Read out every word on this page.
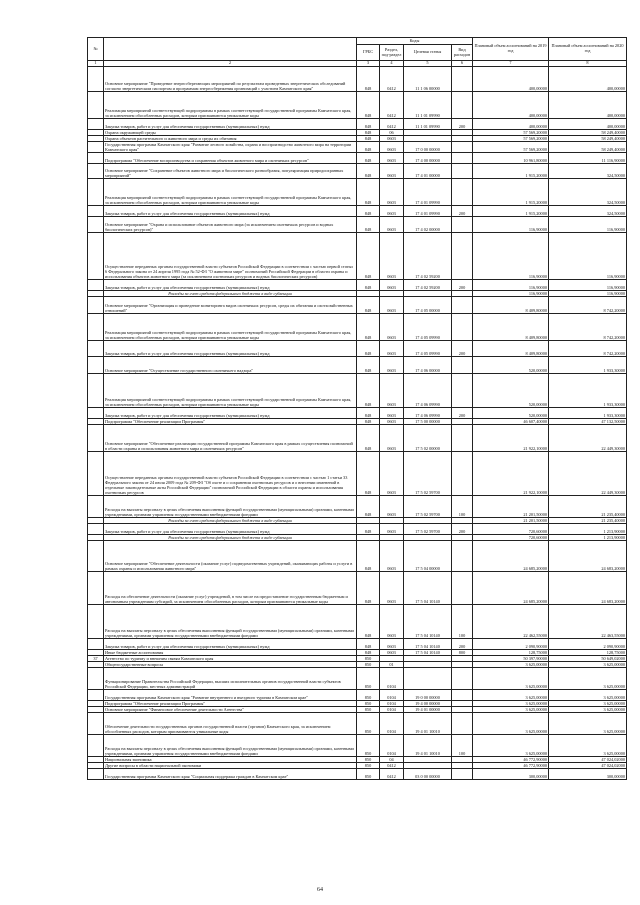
№		Коды				Плановый объем ассигнований на 2019 год	Плановый объем ассигнований на 2020 год
		ГРБС	Раздел, под-раздел	Целевая статья	Вид расходов		
1	2	3	4	5	6	7	8
	Основное мероприятие "Проведение энергосберегающих мероприятий по результатам проведенных энергетических обследований согласно энергетическим паспортам и программам энергосбережения организаций с участием Камчатского края"	848	0412	11 1 06 00000		400,00000	400,00000
	Реализация мероприятий соответствующей подпрограммы в рамках соответствующей государственной программы Камчатского края, за исключением обособленных расходов, которым присваиваются уникальные коды	848	0412	11 1 01 09990		400,00000	400,00000
	Закупка товаров, работ и услуг для обеспечения государственных (муниципальных) нужд	848	0412	11 1 01 09990	200	400,00000	400,00000
	Охрана окружающей среды	848	06			57 569,20000	58 249,40000
	Охрана объектов растительного и животного мира и среды их обитания	848	0603			57 569,20000	58 249,40000
	Государственная программа Камчатского края "Развитие лесного хозяйства, охрана и воспроизводство животного мира на территории Камчатского края"	848	0603	17 0 00 00000		57 569,20000	58 249,40000
	Подпрограмма "Обеспечение воспроизводства и сохранения объектов животного мира и охотничьих ресурсов"	848	0603	17 4 00 00000		10 961,80000	11 116,90000
	Основное мероприятие "Сохранение объектов животного мира и биологического разнообразия, популяризация природоохранных мероприятий"	848	0603	17 4 01 00000		1 915,20000	324,50000
	Реализация мероприятий соответствующей подпрограммы в рамках соответствующей государственной программы Камчатского края, за исключением обособленных расходов, которым присваиваются уникальные коды	848	0603	17 4 01 09990		1 915,20000	324,50000
	Закупка товаров, работ и услуг для обеспечения государственных (муниципальных) нужд	848	0603	17 4 01 09990	200	1 915,20000	324,50000
	Основное мероприятие "Охрана и использование объектов животного мира (за исключением охотничьих ресурсов и водных биологических ресурсов)"	848	0603	17 4 02 00000		116,90000	116,90000
	Осуществление переданных органам государственной власти субъектов Российской Федерации в соответствии с частью первой статьи 6 Федерального закона от 24 апреля 1995 года № 52-ФЗ "О животном мире" полномочий Российской Федерации в области охраны и использования объектов животного мира (за исключением охотничьих ресурсов и водных биологических ресурсов)	848	0603	17 4 02 59200		116,90000	116,90000
	Закупка товаров, работ и услуг для обеспечения государственных (муниципальных) нужд	848	0603	17 4 02 59200	200	116,90000	116,90000
	Расходы за счет средств федерального бюджета в виде субвенции					116,90000	116,90000
	Основное мероприятие "Организация и проведение мониторинга видов охотничьих ресурсов, среды их обитания и охотхозяйственных отношений"	848	0603	17 4 05 00000		8 409,80000	8 742,20000
	Реализация мероприятий соответствующей подпрограммы в рамках соответствующей государственной программы Камчатского края, за исключением обособленных расходов, которым присваиваются уникальные коды	848	0603	17 4 05 09990		8 409,80000	8 742,20000
	Закупка товаров, работ и услуг для обеспечения государственных (муниципальных) нужд	848	0603	17 4 05 09990	200	8 409,80000	8 742,20000
	Основное мероприятие "Осуществление государственного охотничьего надзора"	848	0603	17 4 06 00000		520,00000	1 933,30000
	Реализация мероприятий соответствующей подпрограммы в рамках соответствующей государственной программы Камчатского края, за исключением обособленных расходов, которым присваиваются уникальные коды	848	0603	17 4 06 09990		520,00000	1 933,30000
	Закупка товаров, работ и услуг для обеспечения государственных (муниципальных) нужд	848	0603	17 4 06 09990	200	520,00000	1 933,30000
	Подпрограмма "Обеспечение реализации Программы"	848	0603	17 5 00 00000		46 607,40000	47 132,50000
	Основное мероприятие "Обеспечение реализации государственной программы Камчатского края в рамках осуществления полномочий в области охраны и использования животного мира и охотничьих ресурсов"	848	0603	17 5 02 00000		21 922,10000	22 449,30000
	Осуществление переданных органам государственной власти субъектов Российской Федерации в соответствии с частью 1 статьи 33 Федерального закона от 24 июля 2009 года № 209-ФЗ "Об охоте и о сохранении охотничьих ресурсов и о внесении изменений в отдельные законодательные акты Российской Федерации" полномочий Российской Федерации в области охраны и использования охотничьих ресурсов	848	0603	17 5 02 59700		21 922,10000	22 449,30000
	Расходы на выплаты персоналу в целях обеспечения выполнения функций государственными (муниципальными) органами, казенными учреждениями, органами управления государственными внебюджетными фондами	848	0603	17 5 02 59700	100	21 201,50000	21 235,40000
	Расходы за счет средств федерального бюджета в виде субвенции					21 201,50000	21 235,40000
	Закупка товаров, работ и услуг для обеспечения государственных (муниципальных) нужд	848	0603	17 5 02 59700	200	720,60000	1 213,90000
	Расходы за счет средств федерального бюджета в виде субвенции					720,60000	1 213,90000
	Основное мероприятие "Обеспечение деятельности (оказание услуг) подведомственных учреждений, оказывающих работы и услуги в рамках охраны и использования животного мира"	848	0603	17 5 04 00000		24 685,20000	24 683,20000
	Расходы на обеспечение деятельности (оказание услуг) учреждений, в том числе на предоставление государственным бюджетным и автономным учреждениям субсидий, за исключением обособленных расходов, которым присваиваются уникальные коды	848	0603	17 5 04 10140		24 685,20000	24 683,20000
	Расходы на выплаты персоналу в целях обеспечения выполнения функций государственными (муниципальными) органами, казенными учреждениями, органами управления государственными внебюджетными фондами	848	0603	17 5 04 10140	100	22 462,55000	22 463,55000
	Закупка товаров, работ и услуг для обеспечения государственных (муниципальных) нужд	848	0603	17 5 04 10140	200	2 090,90000	2 090,90000
	Иные бюджетные ассигнования	848	0603	17 5 04 10140	800	128,75000	128,75000
37	Агентство по туризму и внешним связям Камчатского края	850				50 397,90000	50 649,02000
	Общегосударственные вопросы	850	01			3 625,00000	3 625,00000
	Функционирование Правительства Российской Федерации, высших исполнительных органов государственной власти субъектов Российской Федерации, местных администраций	850	0104			3 625,00000	3 625,00000
	Государственная программа Камчатского края "Развитие внутреннего и въездного туризма в Камчатском крае"	850	0104	19 0 00 00000		3 625,00000	3 625,00000
	Подпрограмма "Обеспечение реализации Программы"	850	0104	19 4 00 00000		3 625,00000	3 625,00000
	Основное мероприятие "Финансовое обеспечение деятельности Агентства"	850	0104	19 4 01 00000		3 625,00000	3 625,00000
	Обеспечение деятельности государственных органов государственной власти (органов) Камчатского края, за исключением обособленных расходов, которым присваиваются уникальные коды	850	0104	19 4 01 10010		3 625,00000	3 625,00000
	Расходы на выплаты персоналу в целях обеспечения выполнения функций государственными (муниципальными) органами, казенными учреждениями, органами управления государственными внебюджетными фондами	850	0104	19 4 01 10010	100	3 625,00000	3 625,00000
	Национальная экономика	850	04			46 772,90000	47 024,02000
	Другие вопросы в области национальной экономики	850	0412			46 772,90000	47 024,02000
	Государственная программа Камчатского края "Социальная поддержка граждан в Камчатском крае"	850	0412	03 0 00 00000		300,00000	300,00000
64
